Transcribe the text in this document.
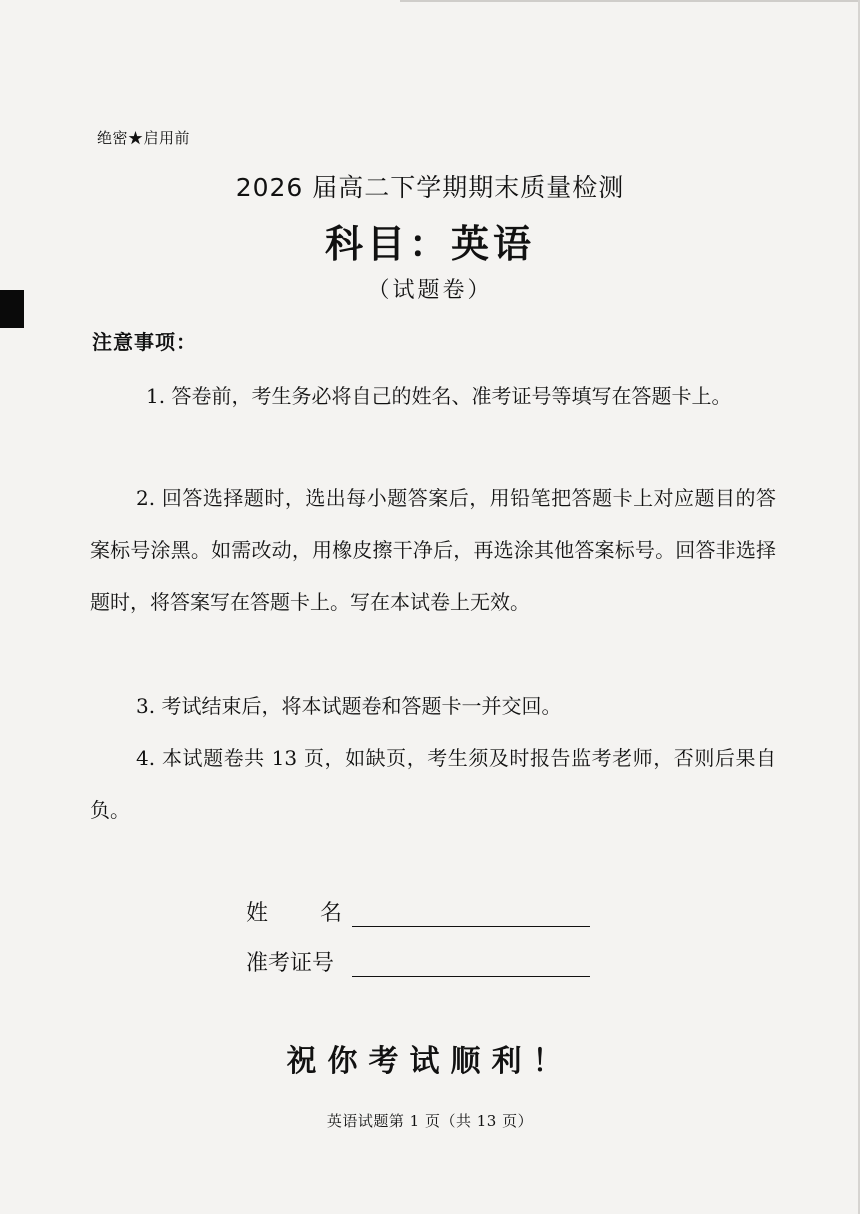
绝密★启用前
2026 届高二下学期期末质量检测
科目：英语
（试题卷）
注意事项：

1. 答卷前，考生务必将自己的姓名、准考证号等填写在答题卡上。

2. 回答选择题时，选出每小题答案后，用铅笔把答题卡上对应题目的答案标号涂黑。如需改动，用橡皮擦干净后，再选涂其他答案标号。回答非选择题时，将答案写在答题卡上。写在本试卷上无效。

3. 考试结束后，将本试题卷和答题卡一并交回。

4. 本试题卷共 13 页，如缺页，考生须及时报告监考老师，否则后果自负。

姓名
准考证号
祝你考试顺利！
英语试题第 1 页（共 13 页）
